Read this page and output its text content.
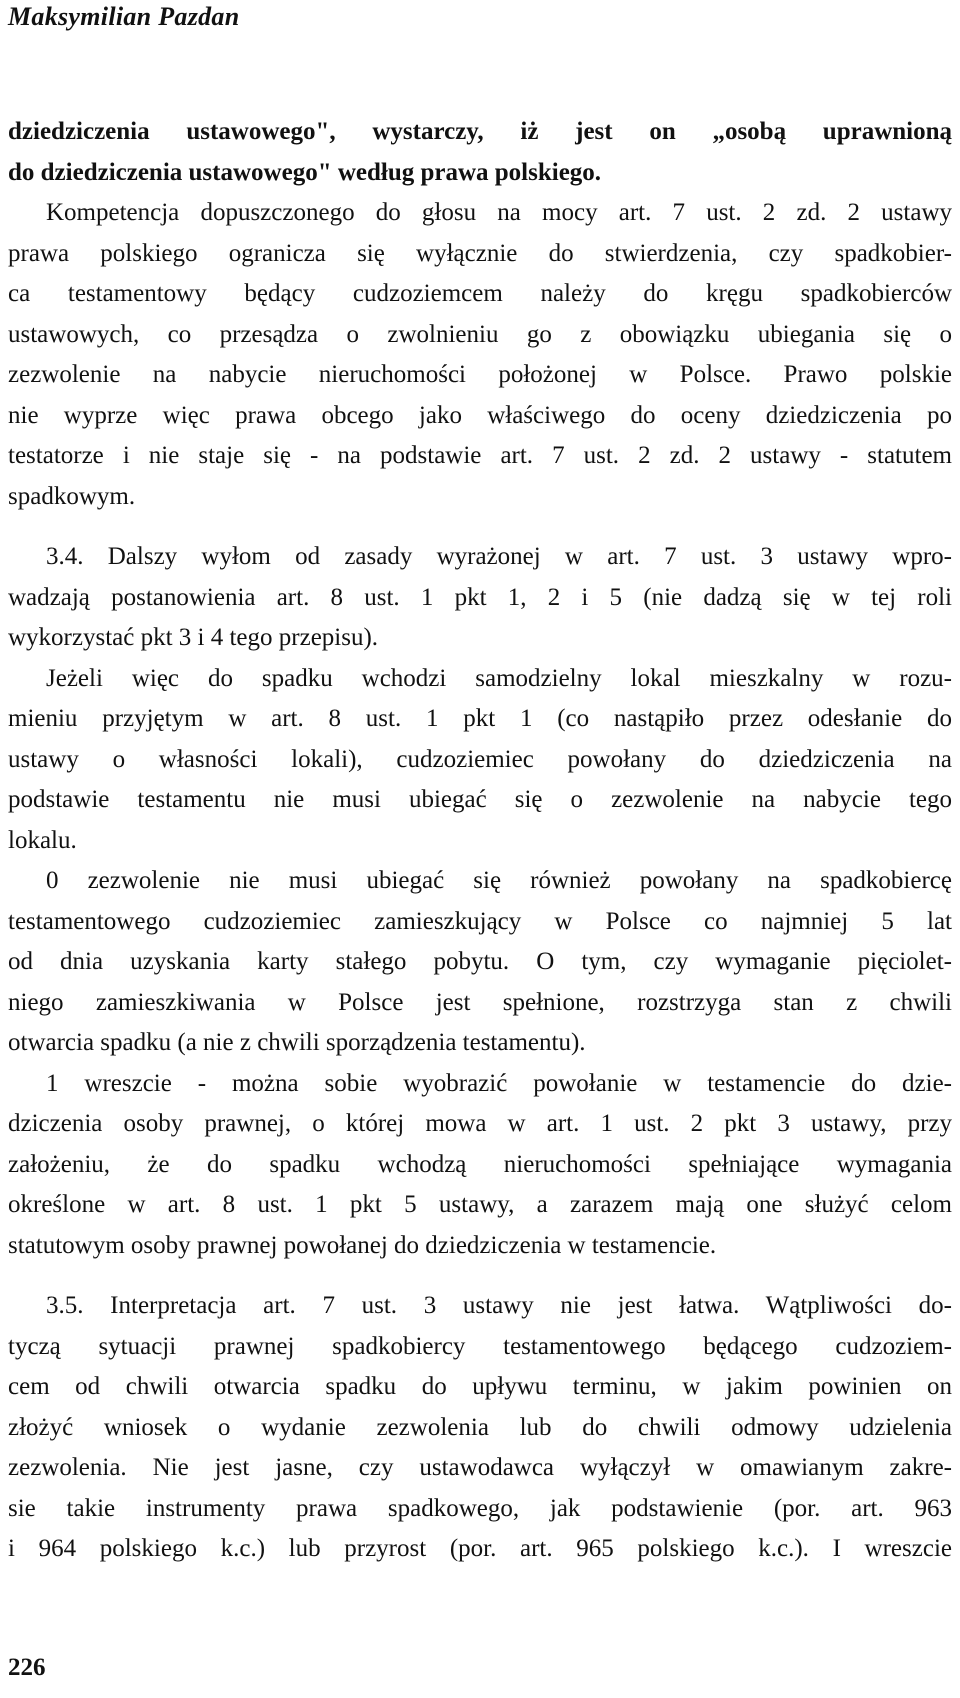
Maksymilian Pazdan
dziedziczenia ustawowego", wystarczy, iż jest on „osobą uprawnioną
do dziedziczenia ustawowego" według prawa polskiego.
Kompetencja dopuszczonego do głosu na mocy art. 7 ust. 2 zd. 2 ustawy
prawa polskiego ogranicza się wyłącznie do stwierdzenia, czy spadkobier-
ca testamentowy będący cudzoziemcem należy do kręgu spadkobierców
ustawowych, co przesądza o zwolnieniu go z obowiązku ubiegania się o
zezwolenie na nabycie nieruchomości położonej w Polsce. Prawo polskie
nie wyprze więc prawa obcego jako właściwego do oceny dziedziczenia po
testatorze i nie staje się - na podstawie art. 7 ust. 2 zd. 2 ustawy - statutem
spadkowym.
3.4. Dalszy wyłom od zasady wyrażonej w art. 7 ust. 3 ustawy wpro-
wadzają postanowienia art. 8 ust. 1 pkt 1, 2 i 5 (nie dadzą się w tej roli
wykorzystać pkt 3 i 4 tego przepisu).
Jeżeli więc do spadku wchodzi samodzielny lokal mieszkalny w rozu-
mieniu przyjętym w art. 8 ust. 1 pkt 1 (co nastąpiło przez odesłanie do
ustawy o własności lokali), cudzoziemiec powołany do dziedziczenia na
podstawie testamentu nie musi ubiegać się o zezwolenie na nabycie tego
lokalu.
0 zezwolenie nie musi ubiegać się również powołany na spadkobiercę
testamentowego cudzoziemiec zamieszkujący w Polsce co najmniej 5 lat
od dnia uzyskania karty stałego pobytu. O tym, czy wymaganie pięciolet-
niego zamieszkiwania w Polsce jest spełnione, rozstrzyga stan z chwili
otwarcia spadku (a nie z chwili sporządzenia testamentu).
1 wreszcie - można sobie wyobrazić powołanie w testamencie do dzie-
dziczenia osoby prawnej, o której mowa w art. 1 ust. 2 pkt 3 ustawy, przy
założeniu, że do spadku wchodzą nieruchomości spełniające wymagania
określone w art. 8 ust. 1 pkt 5 ustawy, a zarazem mają one służyć celom
statutowym osoby prawnej powołanej do dziedziczenia w testamencie.
3.5. Interpretacja art. 7 ust. 3 ustawy nie jest łatwa. Wątpliwości do-
tyczą sytuacji prawnej spadkobiercy testamentowego będącego cudzoziem-
cem od chwili otwarcia spadku do upływu terminu, w jakim powinien on
złożyć wniosek o wydanie zezwolenia lub do chwili odmowy udzielenia
zezwolenia. Nie jest jasne, czy ustawodawca wyłączył w omawianym zakre-
sie takie instrumenty prawa spadkowego, jak podstawienie (por. art. 963
i 964 polskiego k.c.) lub przyrost (por. art. 965 polskiego k.c.). I wreszcie
226
